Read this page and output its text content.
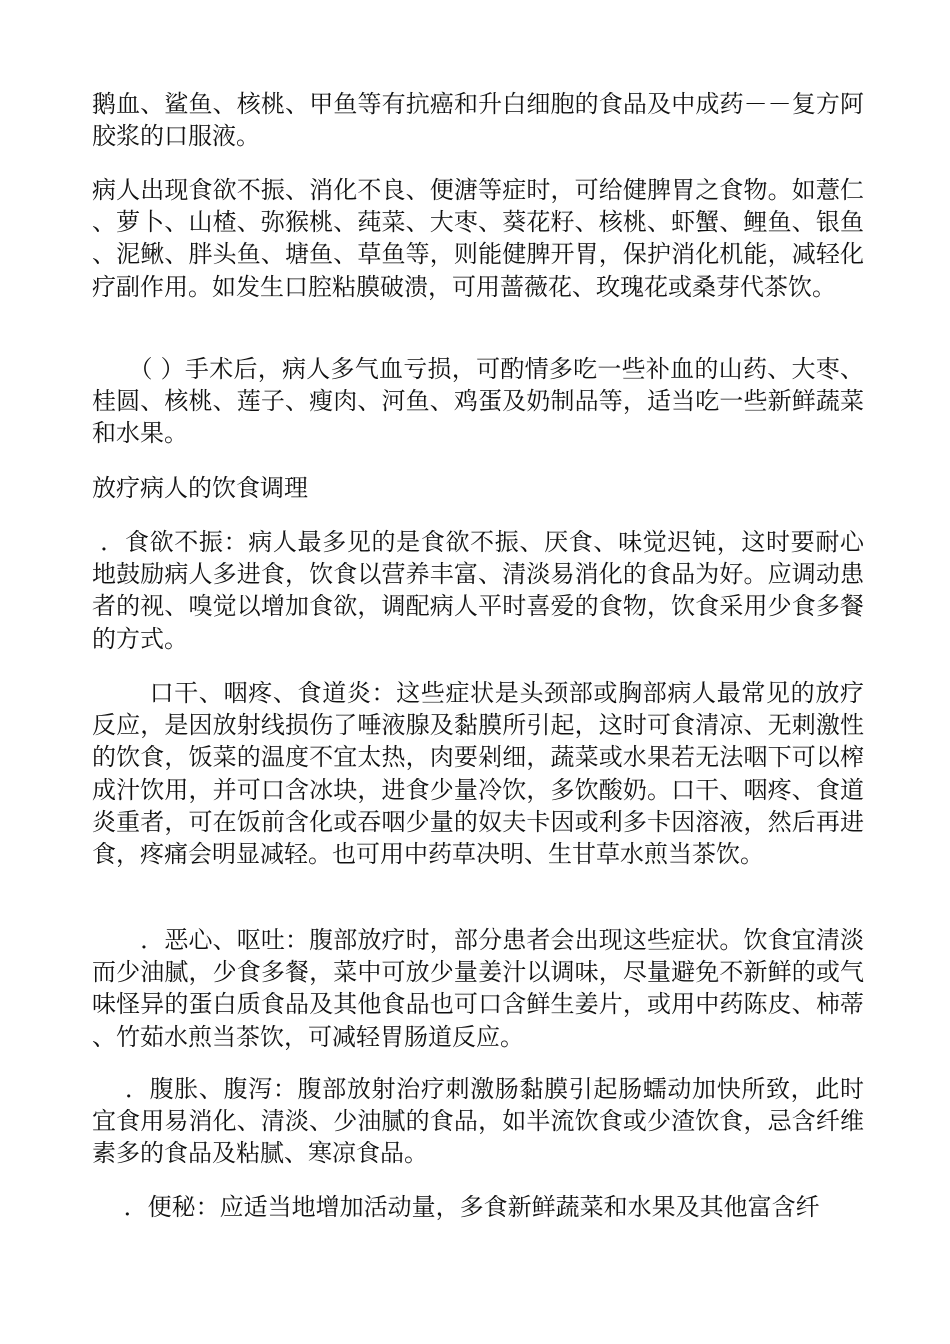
鹅血、鲨鱼、核桃、甲鱼等有抗癌和升白细胞的食品及中成药－－复方阿胶浆的口服液。

病人出现食欲不振、消化不良、便溏等症时，可给健脾胃之食物。如薏仁、萝卜、山楂、弥猴桃、莼菜、大枣、葵花籽、核桃、虾蟹、鲤鱼、银鱼、泥鳅、胖头鱼、塘鱼、草鱼等，则能健脾开胃，保护消化机能，减轻化疗副作用。如发生口腔粘膜破溃，可用蔷薇花、玫瑰花或桑芽代茶饮。

　　（ ）手术后，病人多气血亏损，可酌情多吃一些补血的山药、大枣、桂圆、核桃、莲子、瘦肉、河鱼、鸡蛋及奶制品等，适当吃一些新鲜蔬菜和水果。

放疗病人的饮食调理

．食欲不振：病人最多见的是食欲不振、厌食、味觉迟钝，这时要耐心地鼓励病人多进食，饮食以营养丰富、清淡易消化的食品为好。应调动患者的视、嗅觉以增加食欲，调配病人平时喜爱的食物，饮食采用少食多餐的方式。

　　 口干、咽疼、食道炎：这些症状是头颈部或胸部病人最常见的放疗反应，是因放射线损伤了唾液腺及黏膜所引起，这时可食清凉、无刺激性的饮食，饭菜的温度不宜太热，肉要剁细，蔬菜或水果若无法咽下可以榨成汁饮用，并可口含冰块，进食少量冷饮，多饮酸奶。口干、咽疼、食道炎重者，可在饭前含化或吞咽少量的奴夫卡因或利多卡因溶液，然后再进食，疼痛会明显减轻。也可用中药草决明、生甘草水煎当茶饮。

　　．恶心、呕吐：腹部放疗时，部分患者会出现这些症状。饮食宜清淡而少油腻，少食多餐，菜中可放少量姜汁以调味，尽量避免不新鲜的或气味怪异的蛋白质食品及其他食品也可口含鲜生姜片，或用中药陈皮、柿蒂、竹茹水煎当茶饮，可减轻胃肠道反应。

　 ．腹胀、腹泻：腹部放射治疗刺激肠黏膜引起肠蠕动加快所致，此时宜食用易消化、清淡、少油腻的食品，如半流饮食或少渣饮食，忌含纤维素多的食品及粘腻、寒凉食品。

　 ．便秘：应适当地增加活动量，多食新鲜蔬菜和水果及其他富含纤
